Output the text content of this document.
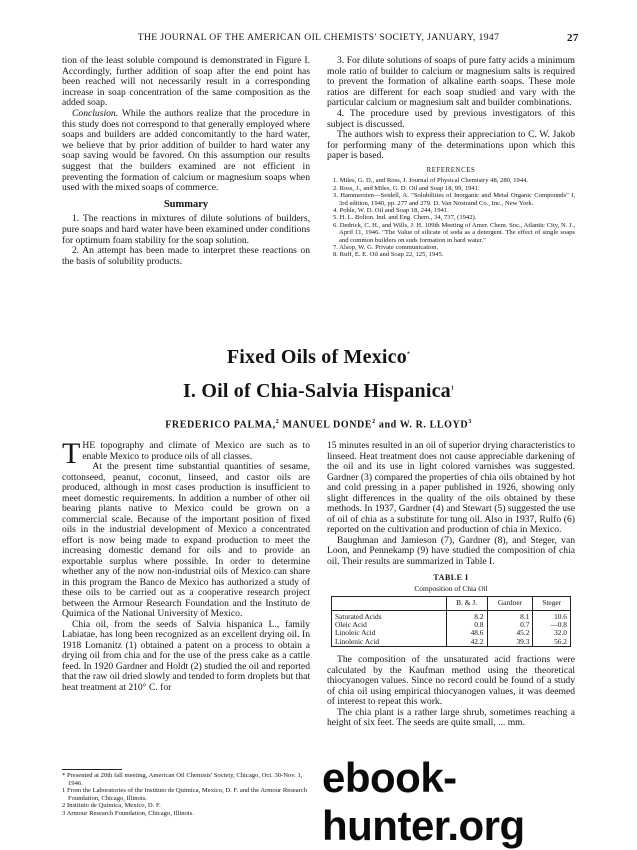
THE JOURNAL OF THE AMERICAN OIL CHEMISTS' SOCIETY, JANUARY, 1947	27

tion of the least soluble compound is demonstrated in Figure I. Accordingly, further addition of soap after the end point has been reached will not necessarily result in a corresponding increase in soap concentration of the same composition as the added soap.

Conclusion. While the authors realize that the procedure in this study does not correspond to that generally employed where soaps and builders are added concomitantly to the hard water, we believe that by prior addition of builder to hard water any soap saving would be favored. On this assumption our results suggest that the builders examined are not efficient in preventing the formation of calcium or magnesium soaps when used with the mixed soaps of commerce.

Summary

1. The reactions in mixtures of dilute solutions of builders, pure soaps and hard water have been examined under conditions for optimum foam stability for the soap solution.

2. An attempt has been made to interpret these reactions on the basis of solubility products.

3. For dilute solutions of soaps of pure fatty acids a minimum mole ratio of builder to calcium or magnesium salts is required to prevent the formation of alkaline earth soaps. These mole ratios are different for each soap studied and vary with the particular calcium or magnesium salt and builder combinations.

4. The procedure used by previous investigators of this subject is discussed.

The authors wish to express their appreciation to C. W. Jakob for performing many of the determinations upon which this paper is based.

REFERENCES
1. Miles, G. D., and Ross, J. Journal of Physical Chemistry 48, 280, 1944.
2. Ross, J., and Miles, G. D. Oil and Soap 18, 99, 1941.
3. Hammersten—Seidell, A. "Solubilities of Inorganic and Metal Organic Compounds" I, 3rd edition, 1940, pp. 277 and 279. D. Van Nostrand Co., Inc., New York.
4. Pohle, W. D. Oil and Soap 18, 244, 1941.
5. H. L. Bolton. Ind. and Eng. Chem., 34, 737, (1942).
6. Dedrick, C. H., and Wills, J. H. 109th Meeting of Amer. Chem. Soc., Atlantic City, N. J., April 11, 1946. "The Value of silicate of soda as a detergent. The effect of single soaps and common builders on suds formation in hard water."
7. Alsop, W. G. Private communication.
8. Ruff, E. E. Oil and Soap 22, 125, 1945.
Fixed Oils of Mexico*
I. Oil of Chia-Salvia Hispanica$^1$
FREDERICO PALMA,$^2$ MANUEL DONDE$^2$ and W. R. LLOYD$^3$

THE topography and climate of Mexico are such as to enable Mexico to produce oils of all classes.

At the present time substantial quantities of sesame, cottonseed, peanut, coconut, linseed, and castor oils are produced, although in most cases production is insufficient to meet domestic requirements. In addition a number of other oil bearing plants native to Mexico could be grown on a commercial scale. Because of the important position of fixed oils in the industrial development of Mexico a concentrated effort is now being made to expand production to meet the increasing domestic demand for oils and to provide an exportable surplus where possible. In order to determine whether any of the now non-industrial oils of Mexico can share in this program the Banco de Mexico has authorized a study of these oils to be carried out as a cooperative research project between the Armour Research Foundation and the Instituto de Quimica of the National University of Mexico.

Chia oil, from the seeds of Salvia hispanica L., family Labiatae, has long been recognized as an excellent drying oil. In 1918 Lomanitz (1) obtained a patent on a process to obtain a drying oil from chia and for the use of the press cake as a cattle feed. In 1920 Gardner and Holdt (2) studied the oil and reported that the raw oil dried slowly and tended to form droplets but that heat treatment at 210° C. for

* Presented at 20th fall meeting, American Oil Chemists' Society, Chicago, Oct. 30-Nov. 1, 1946.
1 From the Laboratories of the Instituto de Quimica, Mexico, D. F. and the Armour Research Foundation, Chicago, Illinois.
2 Instituto de Quimica, Mexico, D. F.
3 Armour Research Foundation, Chicago, Illinois.

15 minutes resulted in an oil of superior drying characteristics to linseed. Heat treatment does not cause appreciable darkening of the oil and its use in light colored varnishes was suggested. Gardner (3) compared the properties of chia oils obtained by hot and cold pressing in a paper published in 1926, showing only slight differences in the quality of the oils obtained by these methods. In 1937, Gardner (4) and Stewart (5) suggested the use of oil of chia as a substitute for tung oil. Also in 1937, Rulfo (6) reported on the cultivation and production of chia in Mexico.

Baughman and Jamieson (7), Gardner (8), and Steger, van Loon, and Pennekamp (9) have studied the composition of chia oil. Their results are summarized in Table I.

TABLE I
Composition of Chia Oil
	B. & J.	Gardner	Steger
Saturated Acids	8.2	8.1	10.6
Oleic Acid	0.8	0.7	—0.8
Linoleic Acid	48.6	45.2	32.0
Linolenic Acid	42.2	39.3	56.2

The composition of the unsaturated acid fractions were calculated by the Kaufman method using the theoretical thiocyanogen values. Since no record could be found of a study of chia oil using empirical thiocyanogen values, it was deemed of interest to repeat this work.

The chia plant is a rather large shrub, sometimes reaching a height of six feet. The seeds are quite small, ... mm.

ebook-hunter.org
